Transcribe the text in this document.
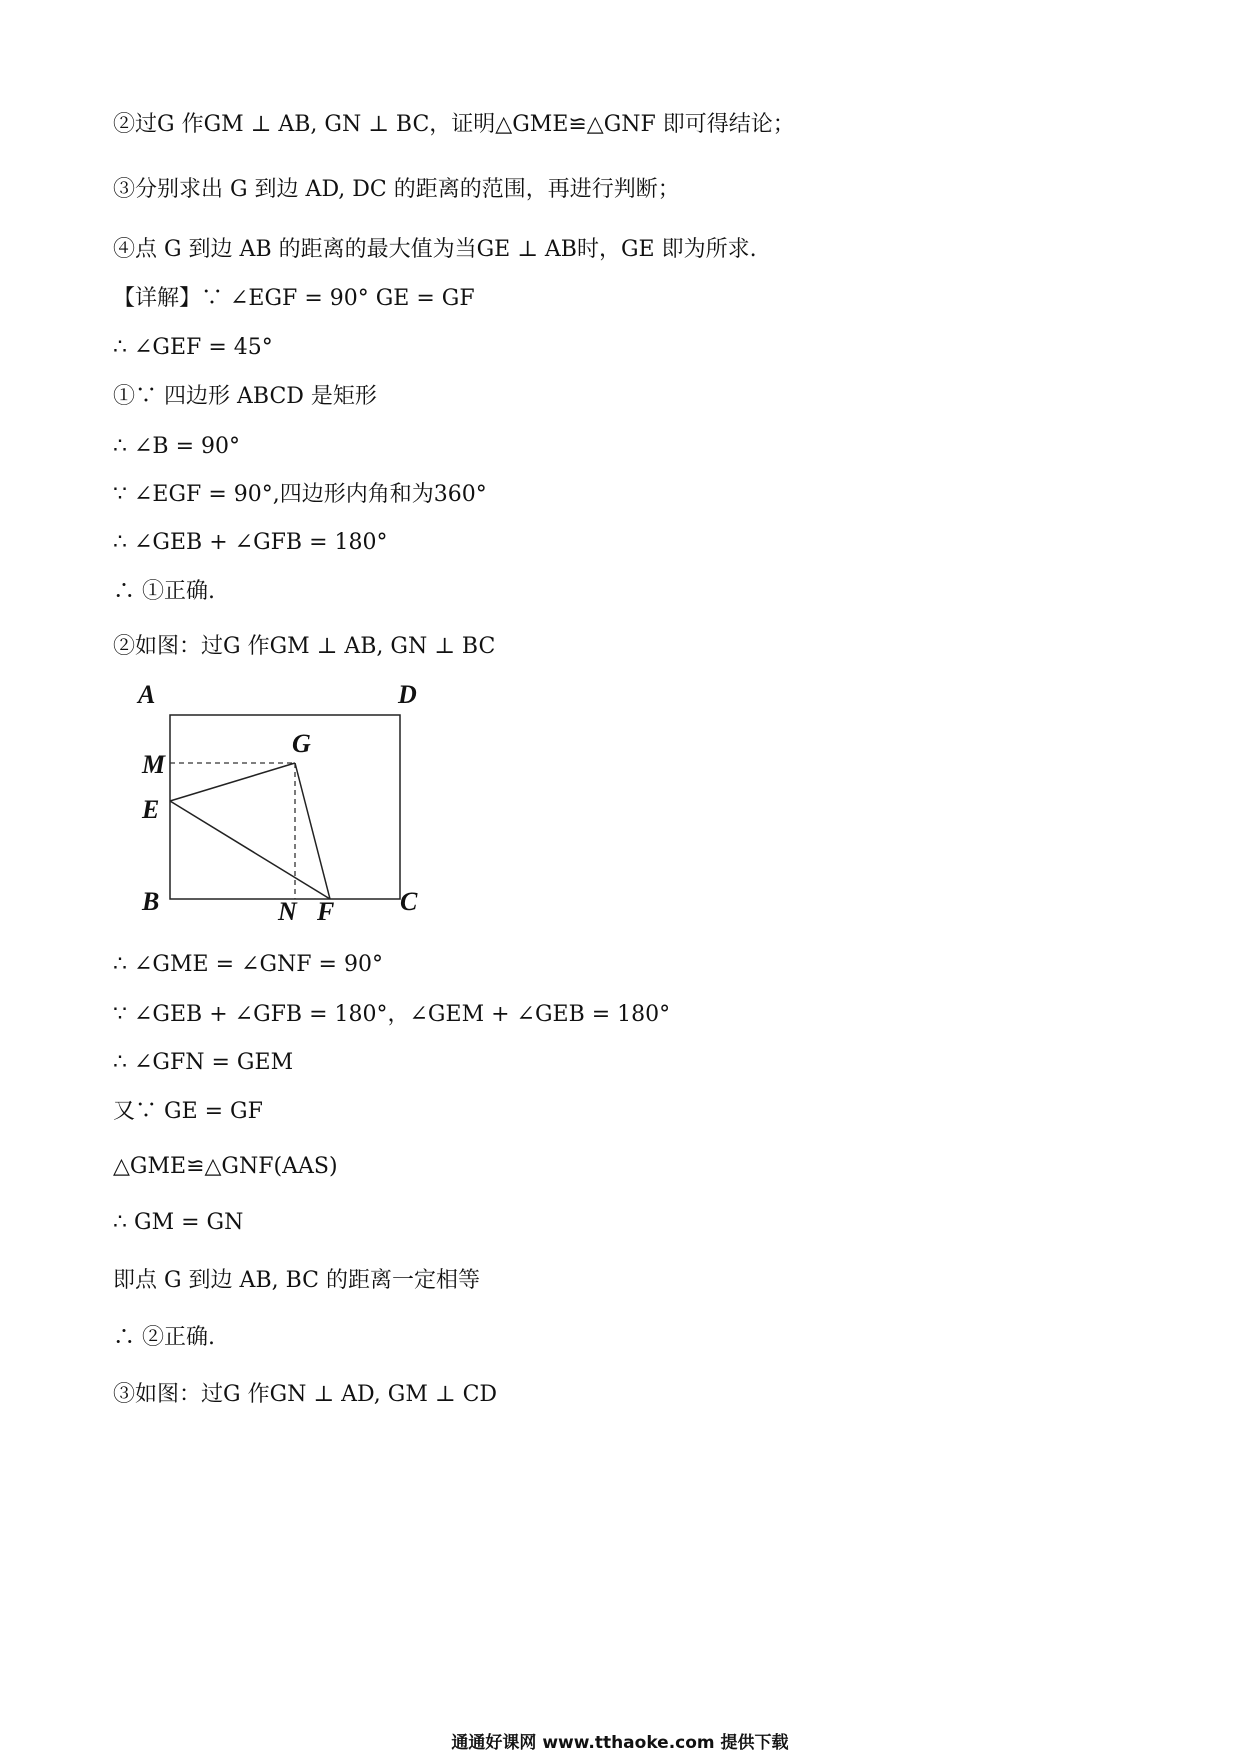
②过G 作GM ⊥ AB, GN ⊥ BC，证明△GME≌△GNF 即可得结论；
③分别求出 G 到边 AD, DC 的距离的范围，再进行判断；
④点 G 到边 AB 的距离的最大值为当GE ⊥ AB时，GE 即为所求.
【详解】∵ ∠EGF = 90° GE = GF
∴ ∠GEF = 45°
①∵ 四边形 ABCD 是矩形
∴ ∠B = 90°
∵ ∠EGF = 90°,四边形内角和为360°
∴ ∠GEB + ∠GFB = 180°
∴ ①正确.
②如图：过G 作GM ⊥ AB, GN ⊥ BC
A	D
M
G
E
B	N F	C
∴ ∠GME = ∠GNF = 90°
∵ ∠GEB + ∠GFB = 180°，∠GEM + ∠GEB = 180°
∴ ∠GFN = GEM
又∵ GE = GF
△GME≌△GNF(AAS)
∴ GM = GN
即点 G 到边 AB, BC 的距离一定相等
∴ ②正确.
③如图：过G 作GN ⊥ AD, GM ⊥ CD
通通好课网 www.tthaoke.com 提供下载
